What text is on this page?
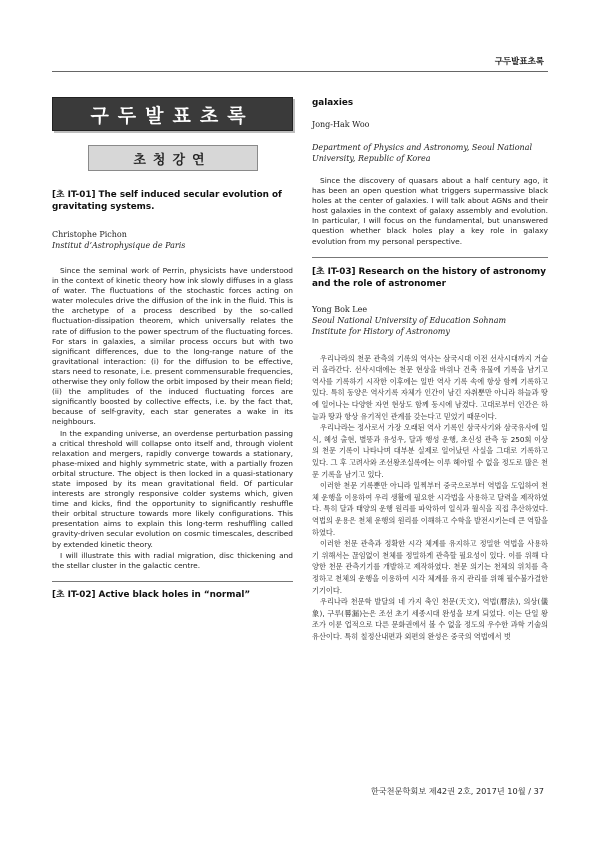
구두발표초록
구두발표초록
초청강연
[초 IT-01] The self induced secular evolution of gravitating systems.
Christophe Pichon
Institut d’Astrophysique de Paris

Since the seminal work of Perrin, physicists have understood in the context of kinetic theory how ink slowly diffuses in a glass of water. The fluctuations of the stochastic forces acting on water molecules drive the diffusion of the ink in the fluid. This is the archetype of a process described by the so-called fluctuation-dissipation theorem, which universally relates the rate of diffusion to the power spectrum of the fluctuating forces. For stars in galaxies, a similar process occurs but with two significant differences, due to the long-range nature of the gravitational interaction: (i) for the diffusion to be effective, stars need to resonate, i.e. present commensurable frequencies, otherwise they only follow the orbit imposed by their mean field; (ii) the amplitudes of the induced fluctuating forces are significantly boosted by collective effects, i.e. by the fact that, because of self-gravity, each star generates a wake in its neighbours.

In the expanding universe, an overdense perturbation passing a critical threshold will collapse onto itself and, through violent relaxation and mergers, rapidly converge towards a stationary, phase-mixed and highly symmetric state, with a partially frozen orbital structure. The object is then locked in a quasi-stationary state imposed by its mean gravitational field. Of particular interests are strongly responsive colder systems which, given time and kicks, find the opportunity to significantly reshuffle their orbital structure towards more likely configurations. This presentation aims to explain this long-term reshuffling called gravity-driven secular evolution on cosmic timescales, described by extended kinetic theory.

I will illustrate this with radial migration, disc thickening and the stellar cluster in the galactic centre.

[초 IT-02] Active black holes in “normal”
galaxies
Jong-Hak Woo
Department of Physics and Astronomy, Seoul National University, Republic of Korea

Since the discovery of quasars about a half century ago, it has been an open question what triggers supermassive black holes at the center of galaxies. I will talk about AGNs and their host galaxies in the context of galaxy assembly and evolution. In particular, I will focus on the fundamental, but unanswered question whether black holes play a key role in galaxy evolution from my personal perspective.

[초 IT-03] Research on the history of astronomy and the role of astronomer
Yong Bok Lee
Seoul National University of Education Sohnam Institute for History of Astronomy

우리나라의 천문 관측의 기록의 역사는 삼국시대 이전 선사시대까지 거슬러 올라간다. 선사시대에는 천문 현상을 바위나 건축 유물에 기록을 남기고 역사를 기록하기 시작한 이후에는 일반 역사 기록 속에 항상 함께 기록하고 있다. 특히 동양은 역사기록 자체가 인간이 남긴 자취뿐만 아니라 하늘과 땅에 일어나는 다양한 자연 현상도 함께 동시에 남겼다. 고대로부터 인간은 하늘과 땅과 항상 유기적인 관계를 갖는다고 믿었기 때문이다.

우리나라는 정사로서 가장 오래된 역사 기록인 삼국사기와 삼국유사에 일식, 혜성 출현, 별똥과 유성우, 달과 행성 운행, 초신성 관측 등 250회 이상의 천문 기록이 나타나며 대부분 실제로 일어났던 사실을 그대로 기록하고 있다. 그 후 고려사와 조선왕조실록에는 이루 헤아릴 수 없을 정도로 많은 천문 기록을 남기고 있다.

이러한 천문 기록뿐만 아니라 일찍부터 중국으로부터 역법을 도입하여 천체 운행을 이용하여 우리 생활에 필요한 시각법을 사용하고 달력을 제작하였다. 특히 달과 태양의 운행 원리를 파악하여 일식과 월식을 직접 추산하였다. 역법의 운용은 천체 운행의 원리를 이해하고 수학을 발전시키는데 큰 역할을 하였다.

이러한 천문 관측과 정확한 시각 체계를 유지하고 정밀한 역법을 사용하기 위해서는 끊임없이 천체를 정밀하게 관측할 필요성이 있다. 이를 위해 다양한 천문 관측기기를 개발하고 제작하였다. 천문 의기는 천체의 위치를 측정하고 천체의 운행을 이용하여 시각 체계를 유지 관리를 위해 필수불가결한 기기이다.

우리나라 천문학 발달의 네 가지 축인 천문(天文), 역법(曆法), 의상(儀象), 구루(晷漏)는은 조선 초기 세종시대 완성을 보게 되었다. 이는 단일 왕조가 이룬 업적으로 다른 문화권에서 볼 수 없을 정도의 우수한 과학 기술의 유산이다. 특히 칠정산내편과 외편의 완성은 중국의 역법에서 벗

한국천문학회보 제42권 2호, 2017년 10월 / 37
